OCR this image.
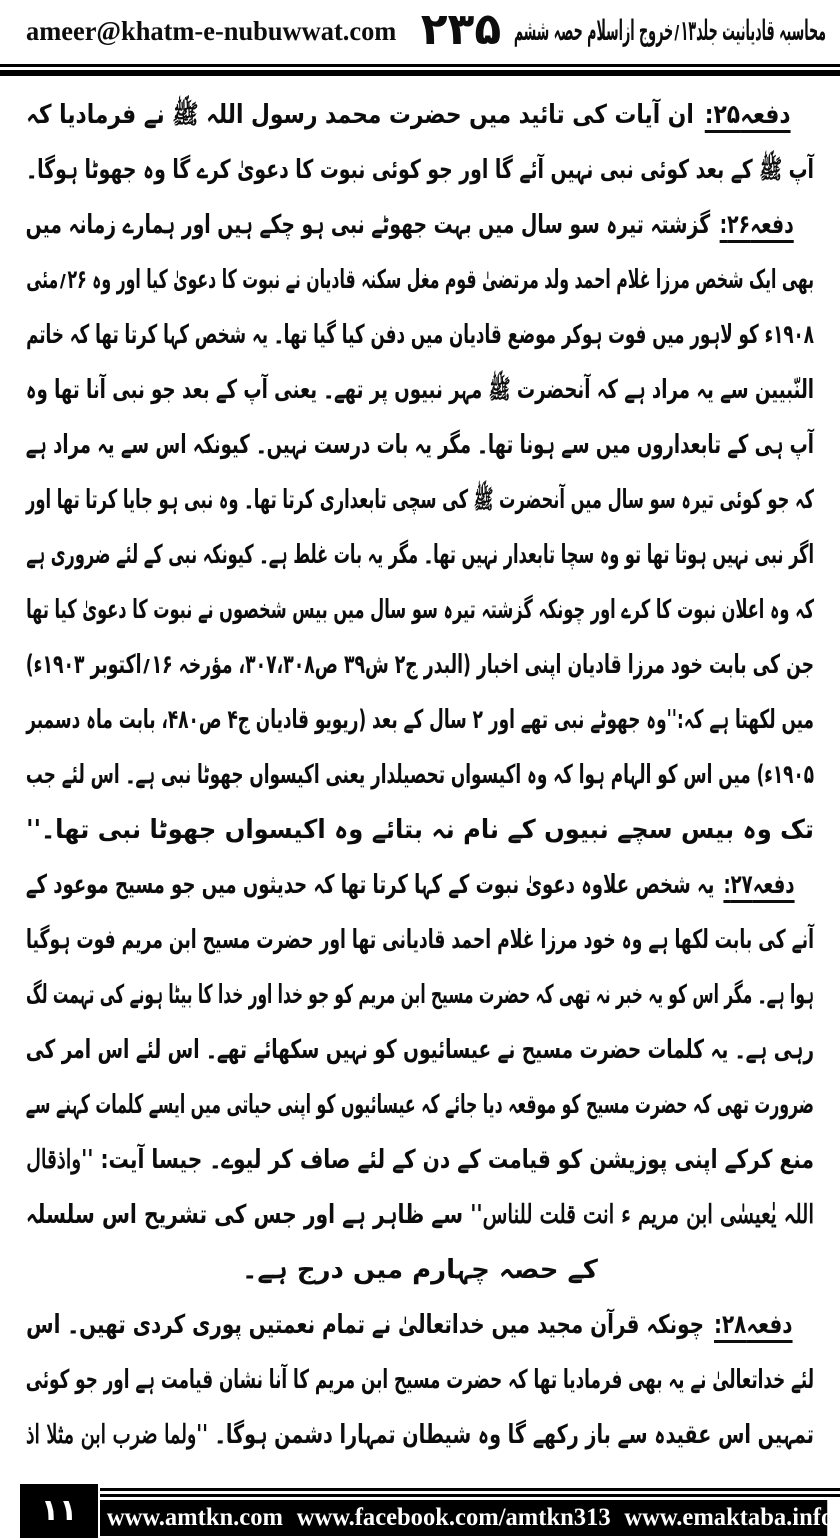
ameer@khatm-e-nubuwwat.com ۲۳۵ محاسبہ قادیانیت جلد۱۳؍خروج ازاسلام حصہ ششم
دفعہ۲۵: ان آیات کی تائید میں حضرت محمد رسول اللہ ﷺ نے فرمادیا کہ
آپ ﷺ کے بعد کوئی نبی نہیں آئے گا اور جو کوئی نبوت کا دعویٰ کرے گا وہ جھوٹا ہوگا۔
دفعہ۲۶: گزشتہ تیرہ سو سال میں بہت جھوٹے نبی ہو چکے ہیں اور ہمارے زمانہ میں
بھی ایک شخص مرزا غلام احمد ولد مرتضیٰ قوم مغل سکنہ قادیان نے نبوت کا دعویٰ کیا اور وہ ۲۶؍مئی
۱۹۰۸ء کو لاہور میں فوت ہوکر موضع قادیان میں دفن کیا گیا تھا۔ یہ شخص کہا کرتا تھا کہ خاتم
النّبیین سے یہ مراد ہے کہ آنحضرت ﷺ مہر نبیوں پر تھے۔ یعنی آپ کے بعد جو نبی آنا تھا وہ
آپ ہی کے تابعداروں میں سے ہونا تھا۔ مگر یہ بات درست نہیں۔ کیونکہ اس سے یہ مراد ہے
کہ جو کوئی تیرہ سو سال میں آنحضرت ﷺ کی سچی تابعداری کرتا تھا۔ وہ نبی ہو جایا کرتا تھا اور
اگر نبی نہیں ہوتا تھا تو وہ سچا تابعدار نہیں تھا۔ مگر یہ بات غلط ہے۔ کیونکہ نبی کے لئے ضروری ہے
کہ وہ اعلان نبوت کا کرے اور چونکہ گزشتہ تیرہ سو سال میں بیس شخصوں نے نبوت کا دعویٰ کیا تھا
جن کی بابت خود مرزا قادیان اپنی اخبار (البدر ج۲ ش۳۹ ص۳۰۷،۳۰۸، مؤرخہ ۱۶؍اکتوبر ۱۹۰۳ء)
میں لکھتا ہے کہ:''وہ جھوٹے نبی تھے اور ۲ سال کے بعد (ریویو قادیان ج۴ ص۴۸۰، بابت ماہ دسمبر
۱۹۰۵ء) میں اس کو الہام ہوا کہ وہ اکیسواں تحصیلدار یعنی اکیسواں جھوٹا نبی ہے۔ اس لئے جب
تک وہ بیس سچے نبیوں کے نام نہ بتائے وہ اکیسواں جھوٹا نبی تھا۔''
دفعہ۲۷: یہ شخص علاوہ دعویٰ نبوت کے کہا کرتا تھا کہ حدیثوں میں جو مسیح موعود کے
آنے کی بابت لکھا ہے وہ خود مرزا غلام احمد قادیانی تھا اور حضرت مسیح ابن مریم فوت ہوگیا
ہوا ہے۔ مگر اس کو یہ خبر نہ تھی کہ حضرت مسیح ابن مریم کو جو خدا اور خدا کا بیٹا ہونے کی تہمت لگ
رہی ہے۔ یہ کلمات حضرت مسیح نے عیسائیوں کو نہیں سکھائے تھے۔ اس لئے اس امر کی
ضرورت تھی کہ حضرت مسیح کو موقعہ دیا جائے کہ عیسائیوں کو اپنی حیاتی میں ایسے کلمات کہنے سے
منع کرکے اپنی پوزیشن کو قیامت کے دن کے لئے صاف کر لیوے۔ جیسا آیت: ''واذقال
اللہ یٰعیسٰی ابن مریم ء انت قلت للناس'' سے ظاہر ہے اور جس کی تشریح اس سلسلہ
کے حصہ چہارم میں درج ہے۔
دفعہ۲۸: چونکہ قرآن مجید میں خداتعالیٰ نے تمام نعمتیں پوری کردی تھیں۔ اس
لئے خداتعالیٰ نے یہ بھی فرمادیا تھا کہ حضرت مسیح ابن مریم کا آنا نشان قیامت ہے اور جو کوئی
تمہیں اس عقیدہ سے باز رکھے گا وہ شیطان تمہارا دشمن ہوگا۔ ''ولما ضرب ابن مثلا اذ
۱۱	www.amtkn.com www.facebook.com/amtkn313 www.emaktaba.info
